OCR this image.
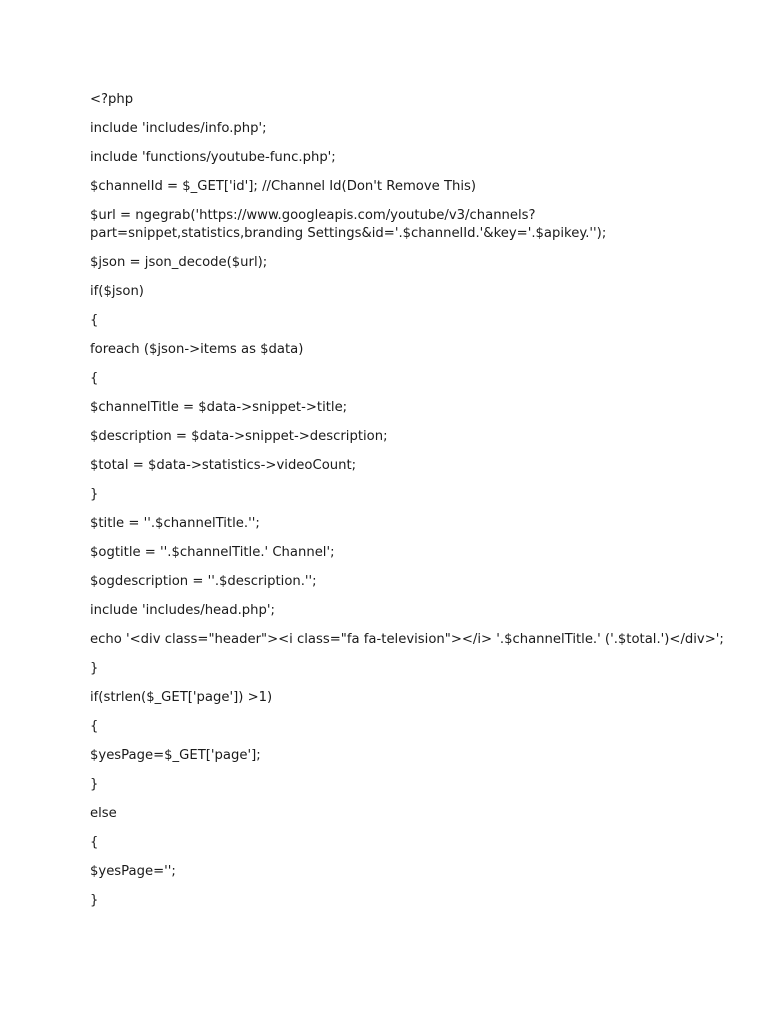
<?php

include 'includes/info.php';

include 'functions/youtube-func.php';

$channelId = $_GET['id']; //Channel Id(Don't Remove This)

$url = ngegrab('https://www.googleapis.com/youtube/v3/channels?part=snippet,statistics,branding Settings&id='.$channelId.'&key='.$apikey.'');

$json = json_decode($url);

if($json)

{

foreach ($json->items as $data)

{

$channelTitle = $data->snippet->title;

$description = $data->snippet->description;

$total = $data->statistics->videoCount;

}

$title = ''.$channelTitle.'';

$ogtitle = ''.$channelTitle.' Channel';

$ogdescription = ''.$description.'';

include 'includes/head.php';

echo '<div class="header"><i class="fa fa-television"></i> '.$channelTitle.' ('.$total.')</div>';

}

if(strlen($_GET['page']) >1)

{

$yesPage=$_GET['page'];

}

else

{

$yesPage='';

}
